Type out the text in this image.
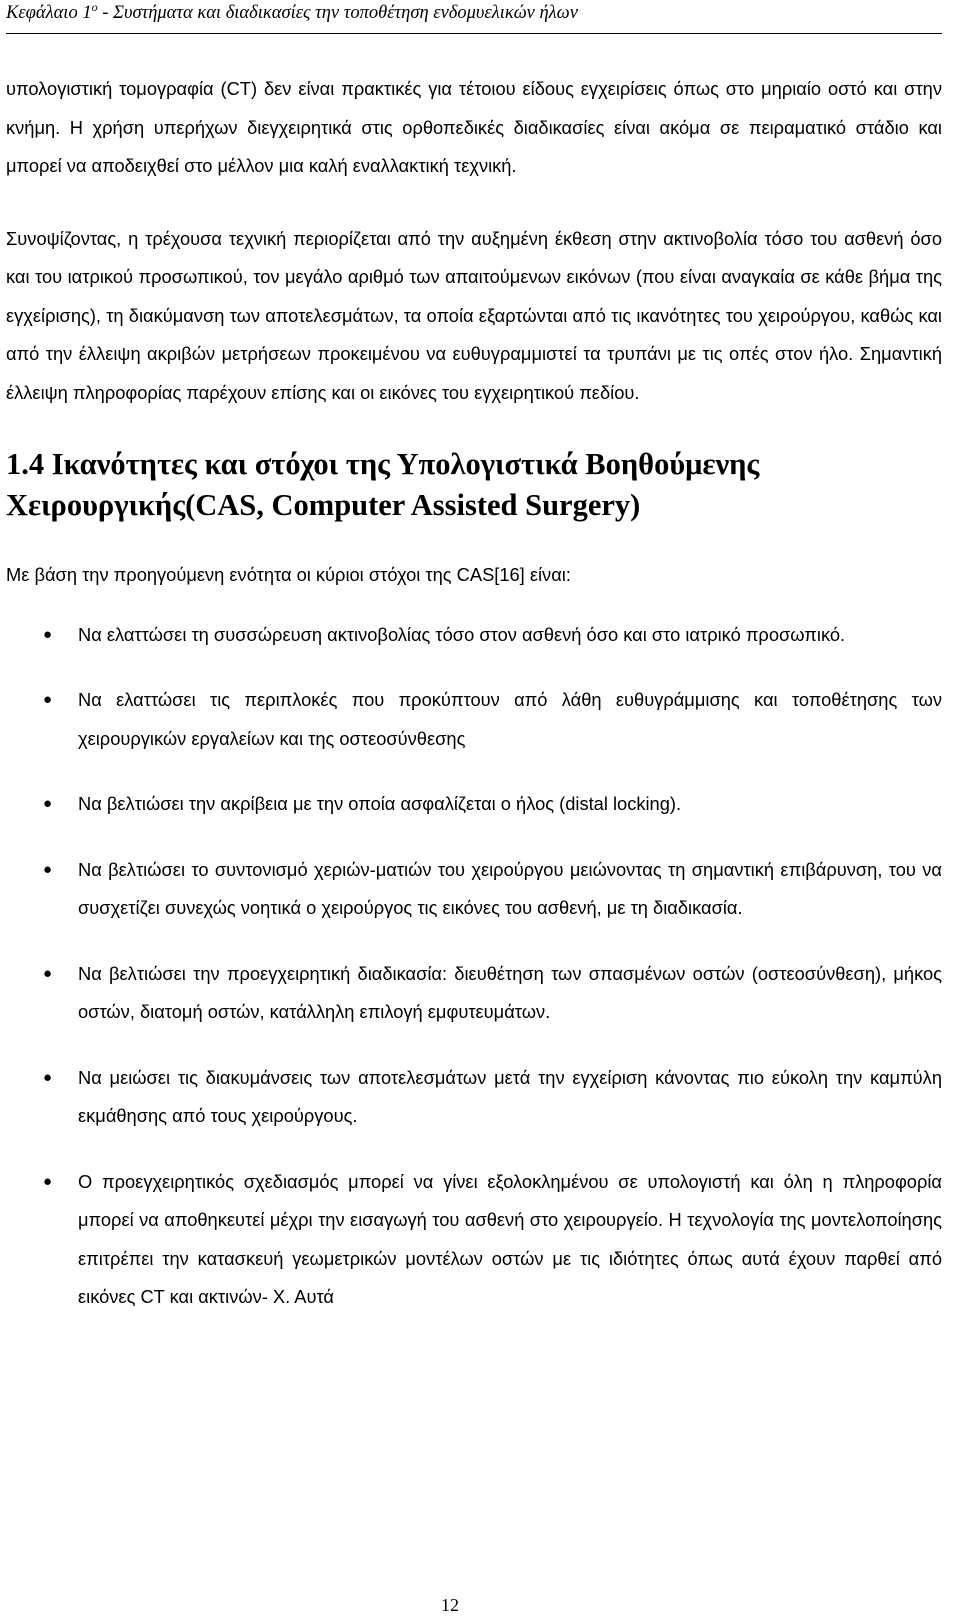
Κεφάλαιο $1^o$ - Συστήματα και διαδικασίες την τοποθέτηση ενδομυελικών ήλων

υπολογιστική τομογραφία (CT) δεν είναι πρακτικές για τέτοιου είδους εγχειρίσεις όπως στο μηριαίο οστό και στην κνήμη. Η χρήση υπερήχων διεγχειρητικά στις ορθοπεδικές διαδικασίες είναι ακόμα σε πειραματικό στάδιο και μπορεί να αποδειχθεί στο μέλλον μια καλή εναλλακτική τεχνική.

Συνοψίζοντας, η τρέχουσα τεχνική περιορίζεται από την αυξημένη έκθεση στην ακτινοβολία τόσο του ασθενή όσο και του ιατρικού προσωπικού, τον μεγάλο αριθμό των απαιτούμενων εικόνων (που είναι αναγκαία σε κάθε βήμα της εγχείρισης), τη διακύμανση των αποτελεσμάτων, τα οποία εξαρτώνται από τις ικανότητες του χειρούργου, καθώς και από την έλλειψη ακριβών μετρήσεων προκειμένου να ευθυγραμμιστεί τα τρυπάνι με τις οπές στον ήλο. Σημαντική έλλειψη πληροφορίας παρέχουν επίσης και οι εικόνες του εγχειρητικού πεδίου.

1.4 Ικανότητες και στόχοι της Υπολογιστικά Βοηθούμενης Χειρουργικής(CAS, Computer Assisted Surgery)

Με βάση την προηγούμενη ενότητα οι κύριοι στόχοι της CAS[16] είναι:

● Να ελαττώσει τη συσσώρευση ακτινοβολίας τόσο στον ασθενή όσο και στο ιατρικό προσωπικό.
● Να ελαττώσει τις περιπλοκές που προκύπτουν από λάθη ευθυγράμμισης και τοποθέτησης των χειρουργικών εργαλείων και της οστεοσύνθεσης
● Να βελτιώσει την ακρίβεια με την οποία ασφαλίζεται ο ήλος (distal locking).
● Να βελτιώσει το συντονισμό χεριών-ματιών του χειρούργου μειώνοντας τη σημαντική επιβάρυνση, του να συσχετίζει συνεχώς νοητικά ο χειρούργος τις εικόνες του ασθενή, με τη διαδικασία.
● Να βελτιώσει την προεγχειρητική διαδικασία: διευθέτηση των σπασμένων οστών (οστεοσύνθεση), μήκος οστών, διατομή οστών, κατάλληλη επιλογή εμφυτευμάτων.
● Να μειώσει τις διακυμάνσεις των αποτελεσμάτων μετά την εγχείριση κάνοντας πιο εύκολη την καμπύλη εκμάθησης από τους χειρούργους.
● Ο προεγχειρητικός σχεδιασμός μπορεί να γίνει εξολοκλημένου σε υπολογιστή και όλη η πληροφορία μπορεί να αποθηκευτεί μέχρι την εισαγωγή του ασθενή στο χειρουργείο. Η τεχνολογία της μοντελοποίησης επιτρέπει την κατασκευή γεωμετρικών μοντέλων οστών με τις ιδιότητες όπως αυτά έχουν παρθεί από εικόνες CT και ακτινών- Χ. Αυτά
12
